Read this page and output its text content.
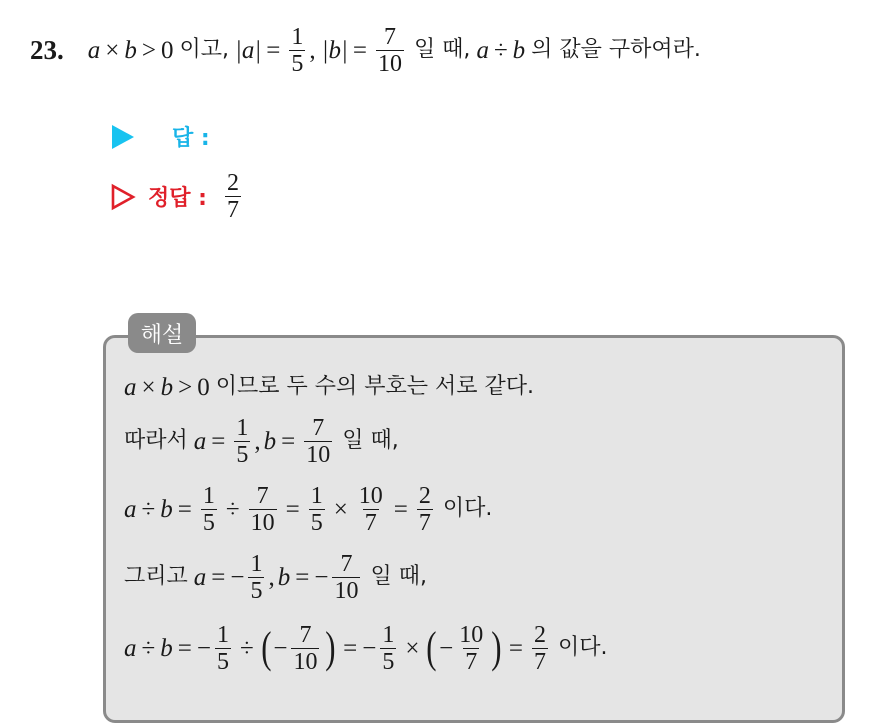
23. a × b > 0 이고, $|a| = \frac{1}{5}$ , $|b| = \frac{7}{10}$ 일 때, a ÷ b 의 값을 구하여라.
답 :
정답 : $\frac{2}{7}$
해설
a × b > 0 이므로 두 수의 부호는 서로 같다.
따라서 $a = \frac{1}{5}$ , $b = \frac{7}{10}$ 일 때,
$a \div b = \frac{1}{5} \div \frac{7}{10} = \frac{1}{5} \times \frac{10}{7} = \frac{2}{7}$ 이다.
그리고 a = − $\frac{1}{5}$ , b = − $\frac{7}{10}$ 일 때,
a ÷ b = − $\frac{1}{5}$ ÷ ( − $\frac{7}{10}$ ) = − $\frac{1}{5}$ × ( − $\frac{10}{7}$ ) = $\frac{2}{7}$ 이다.
